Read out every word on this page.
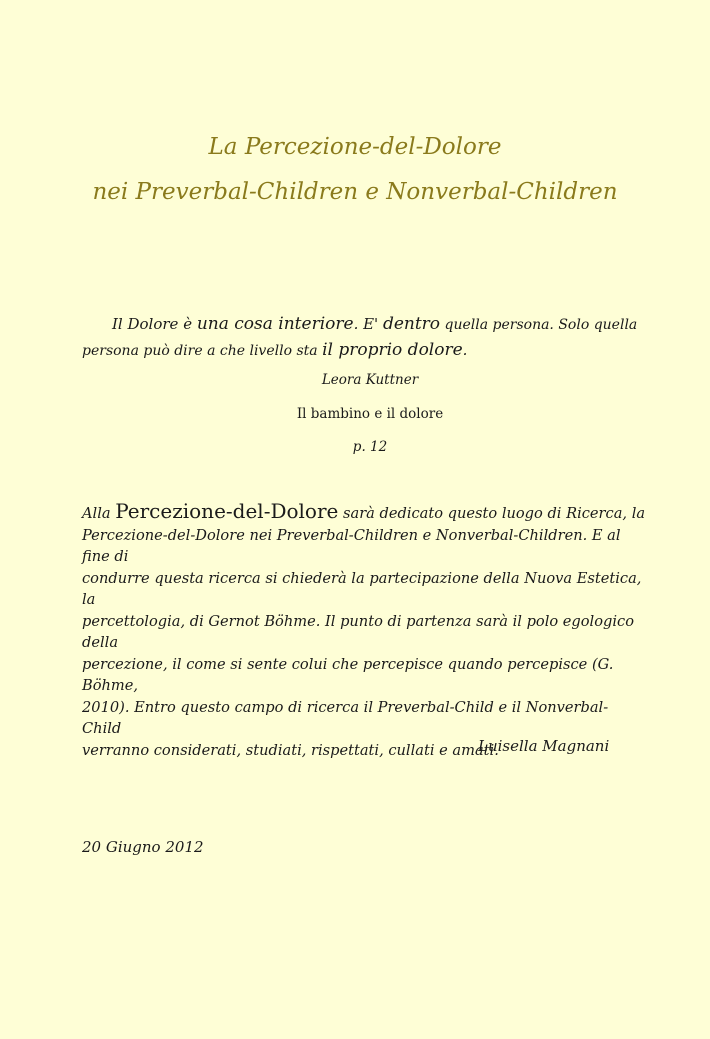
La Percezione-del-Dolore
nei Preverbal-Children e Nonverbal-Children
Il Dolore è una cosa interiore. E' dentro quella persona. Solo quella
persona può dire a che livello sta il proprio dolore.
Leora Kuttner
Il bambino e il dolore
p. 12
Alla Percezione-del-Dolore sarà dedicato questo luogo di Ricerca, la
Percezione-del-Dolore nei Preverbal-Children e Nonverbal-Children. E al fine di
condurre questa ricerca si chiederà la partecipazione della Nuova Estetica, la
percettologia, di Gernot Böhme. Il punto di partenza sarà il polo egologico della
percezione, il come si sente colui che percepisce quando percepisce (G. Böhme,
2010). Entro questo campo di ricerca il Preverbal-Child e il Nonverbal-Child
verranno considerati, studiati, rispettati, cullati e amati.
Luisella Magnani
20 Giugno 2012
